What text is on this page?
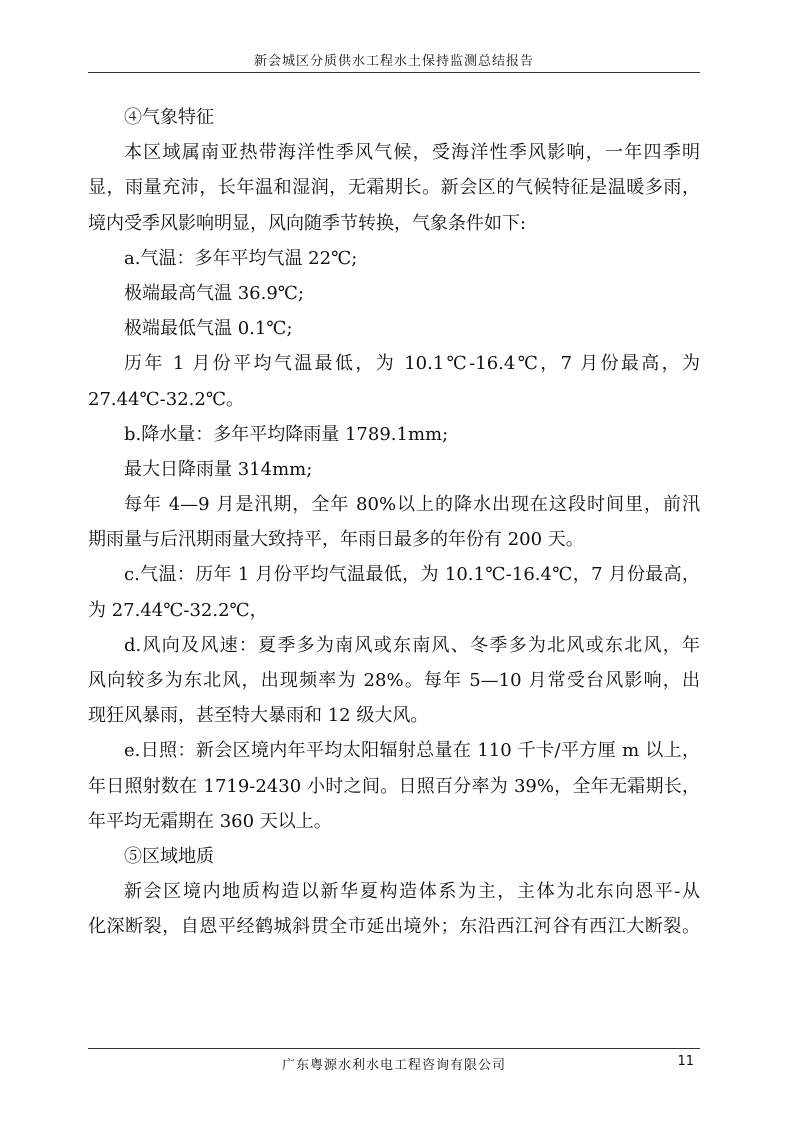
新会城区分质供水工程水土保持监测总结报告
④气象特征
本区域属南亚热带海洋性季风气候，受海洋性季风影响，一年四季明
显，雨量充沛，长年温和湿润，无霜期长。新会区的气候特征是温暖多雨，
境内受季风影响明显，风向随季节转换，气象条件如下:
a.气温：多年平均气温 22℃;
极端最高气温 36.9℃;
极端最低气温 0.1℃;
历年 1 月份平均气温最低，为 10.1℃-16.4℃，7 月份最高，为
27.44℃-32.2℃。
b.降水量：多年平均降雨量 1789.1mm;
最大日降雨量 314mm;
每年 4—9 月是汛期，全年 80%以上的降水出现在这段时间里，前汛
期雨量与后汛期雨量大致持平，年雨日最多的年份有 200 天。
c.气温：历年 1 月份平均气温最低，为 10.1℃-16.4℃，7 月份最高，
为 27.44℃-32.2℃，
d.风向及风速：夏季多为南风或东南风、冬季多为北风或东北风，年
风向较多为东北风，出现频率为 28%。每年 5—10 月常受台风影响，出
现狂风暴雨，甚至特大暴雨和 12 级大风。
e.日照：新会区境内年平均太阳辐射总量在 110 千卡/平方厘 m 以上，
年日照射数在 1719-2430 小时之间。日照百分率为 39%，全年无霜期长，
年平均无霜期在 360 天以上。
⑤区域地质
新会区境内地质构造以新华夏构造体系为主，主体为北东向恩平-从
化深断裂，自恩平经鹤城斜贯全市延出境外；东沿西江河谷有西江大断裂。
广东粤源水利水电工程咨询有限公司	11
